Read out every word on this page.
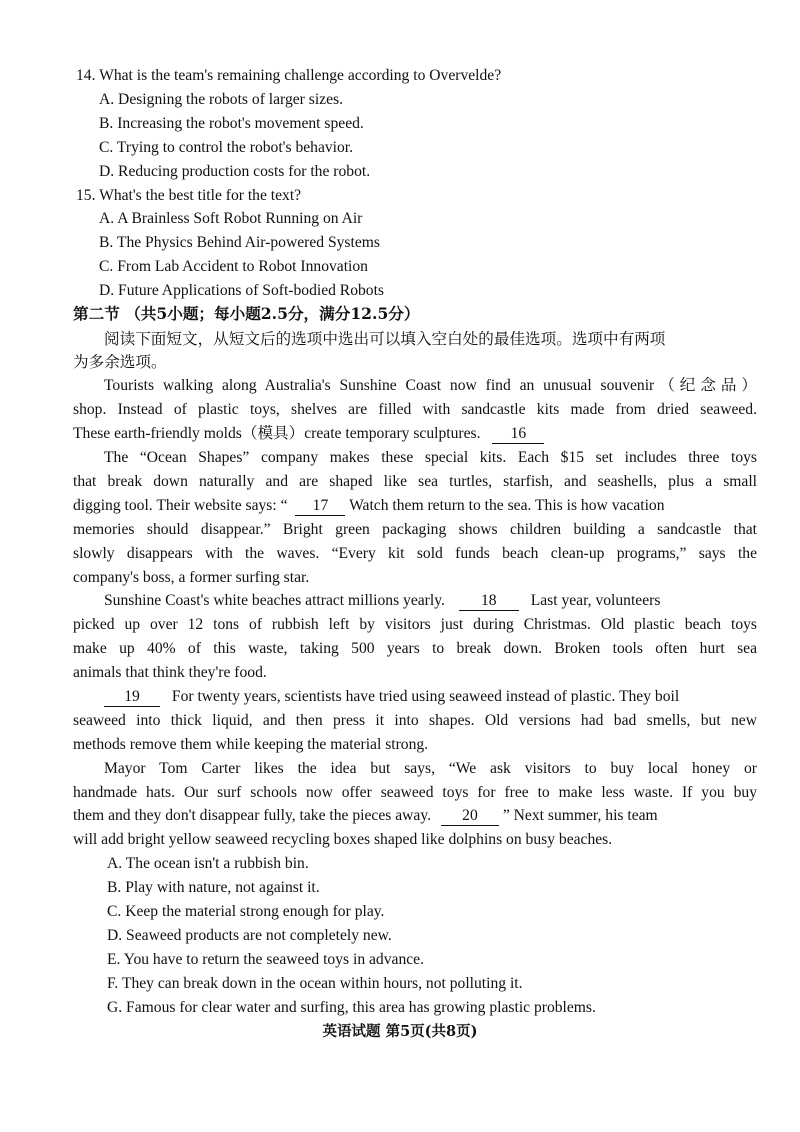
14. What is the team's remaining challenge according to Overvelde?
A. Designing the robots of larger sizes.
B. Increasing the robot's movement speed.
C. Trying to control the robot's behavior.
D. Reducing production costs for the robot.
15. What's the best title for the text?
A. A Brainless Soft Robot Running on Air
B. The Physics Behind Air-powered Systems
C. From Lab Accident to Robot Innovation
D. Future Applications of Soft-bodied Robots
第二节 （共5小题；每小题2.5分，满分12.5分）
阅读下面短文，从短文后的选项中选出可以填入空白处的最佳选项。选项中有两项
为多余选项。
Tourists walking along Australia's Sunshine Coast now find an unusual souvenir（纪念品）
shop. Instead of plastic toys, shelves are filled with sandcastle kits made from dried seaweed.
These earth-friendly molds（模具）create temporary sculptures. 16
The “Ocean Shapes” company makes these special kits. Each $15 set includes three toys
that break down naturally and are shaped like sea turtles, starfish, and seashells, plus a small
digging tool. Their website says: “ 17 Watch them return to the sea. This is how vacation
memories should disappear.” Bright green packaging shows children building a sandcastle that
slowly disappears with the waves. “Every kit sold funds beach clean-up programs,” says the
company's boss, a former surfing star.
Sunshine Coast's white beaches attract millions yearly. 18 Last year, volunteers
picked up over 12 tons of rubbish left by visitors just during Christmas. Old plastic beach toys
make up 40% of this waste, taking 500 years to break down. Broken tools often hurt sea
animals that think they're food.
19 For twenty years, scientists have tried using seaweed instead of plastic. They boil
seaweed into thick liquid, and then press it into shapes. Old versions had bad smells, but new
methods remove them while keeping the material strong.
Mayor Tom Carter likes the idea but says, “We ask visitors to buy local honey or
handmade hats. Our surf schools now offer seaweed toys for free to make less waste. If you buy
them and they don't disappear fully, take the pieces away. 20 ” Next summer, his team
will add bright yellow seaweed recycling boxes shaped like dolphins on busy beaches.
A. The ocean isn't a rubbish bin.
B. Play with nature, not against it.
C. Keep the material strong enough for play.
D. Seaweed products are not completely new.
E. You have to return the seaweed toys in advance.
F. They can break down in the ocean within hours, not polluting it.
G. Famous for clear water and surfing, this area has growing plastic problems.
英语试题 第5页(共8页)
